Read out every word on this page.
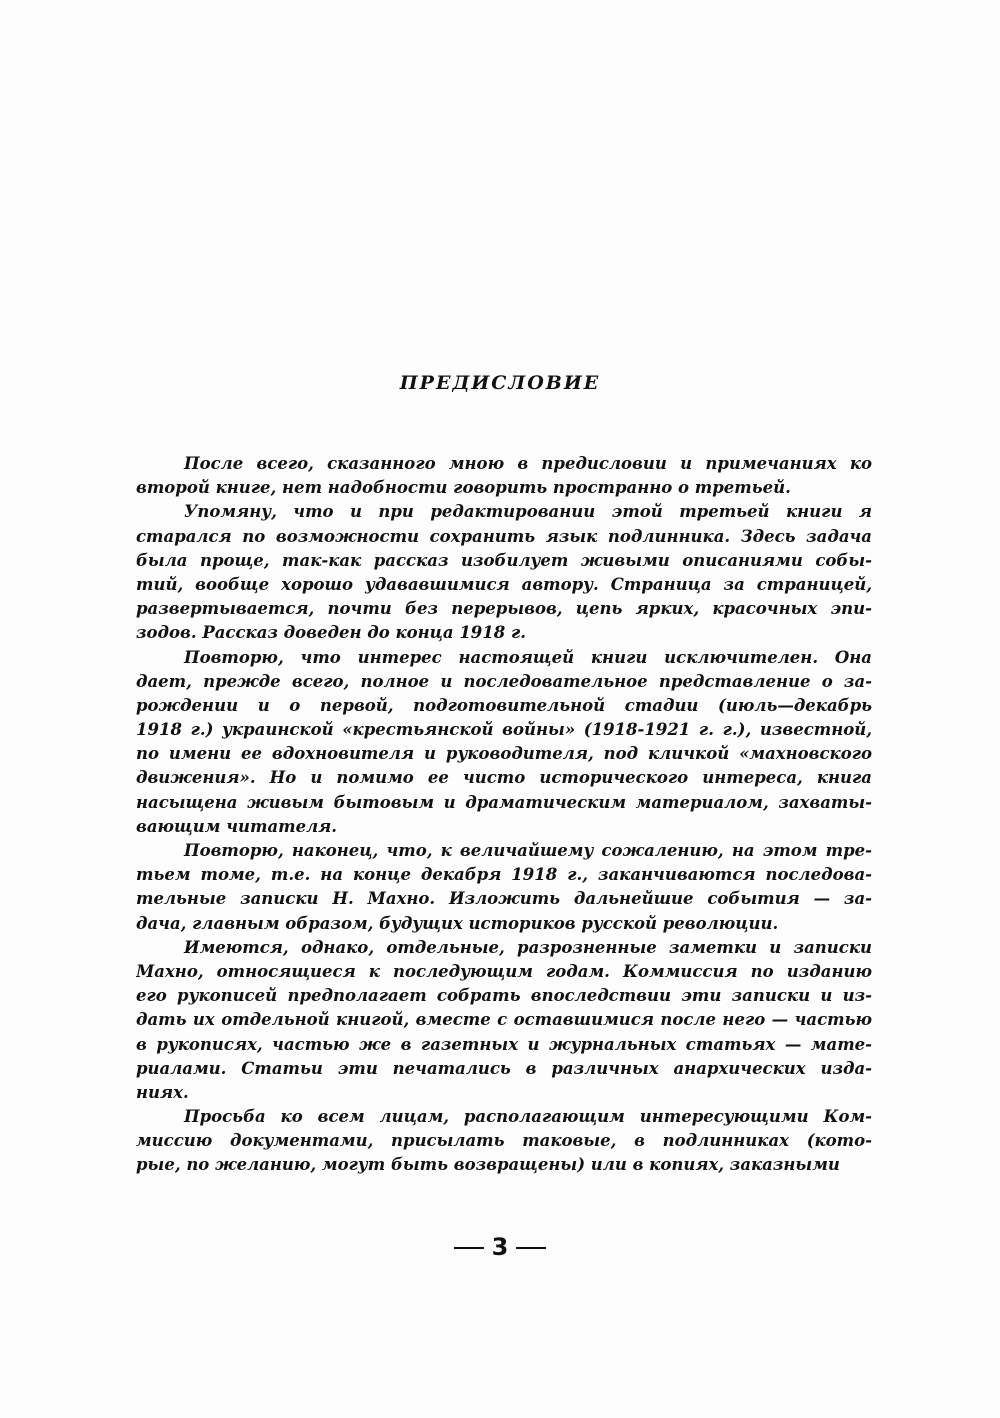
ПРЕДИСЛОВИЕ
После всего, сказанного мною в предисловии и примечаниях ко
второй книге, нет надобности говорить пространно о третьей.
Упомяну, что и при редактировании этой третьей книги я
старался по возможности сохранить язык подлинника. Здесь задача
была проще, так-как рассказ изобилует живыми описаниями собы-
тий, вообще хорошо удававшимися автору. Страница за страницей,
развертывается, почти без перерывов, цепь ярких, красочных эпи-
зодов. Рассказ доведен до конца 1918 г.
Повторю, что интерес настоящей книги исключителен. Она
дает, прежде всего, полное и последовательное представление о за-
рождении и о первой, подготовительной стадии (июль—декабрь
1918 г.) украинской «крестьянской войны» (1918-1921 г. г.), известной,
по имени ее вдохновителя и руководителя, под кличкой «махновского
движения». Но и помимо ее чисто исторического интереса, книга
насыщена живым бытовым и драматическим материалом, захваты-
вающим читателя.
Повторю, наконец, что, к величайшему сожалению, на этом тре-
тьем томе, т.е. на конце декабря 1918 г., заканчиваются последова-
тельные записки Н. Махно. Изложить дальнейшие события — за-
дача, главным образом, будущих историков русской революции.
Имеются, однако, отдельные, разрозненные заметки и записки
Махно, относящиеся к последующим годам. Коммиссия по изданию
его рукописей предполагает собрать впоследствии эти записки и из-
дать их отдельной книгой, вместе с оставшимися после него — частью
в рукописях, частью же в газетных и журнальных статьях — мате-
риалами. Статьи эти печатались в различных анархических изда-
ниях.
Просьба ко всем лицам, располагающим интересующими Ком-
миссию документами, присылать таковые, в подлинниках (кото-
рые, по желанию, могут быть возвращены) или в копиях, заказными
3
